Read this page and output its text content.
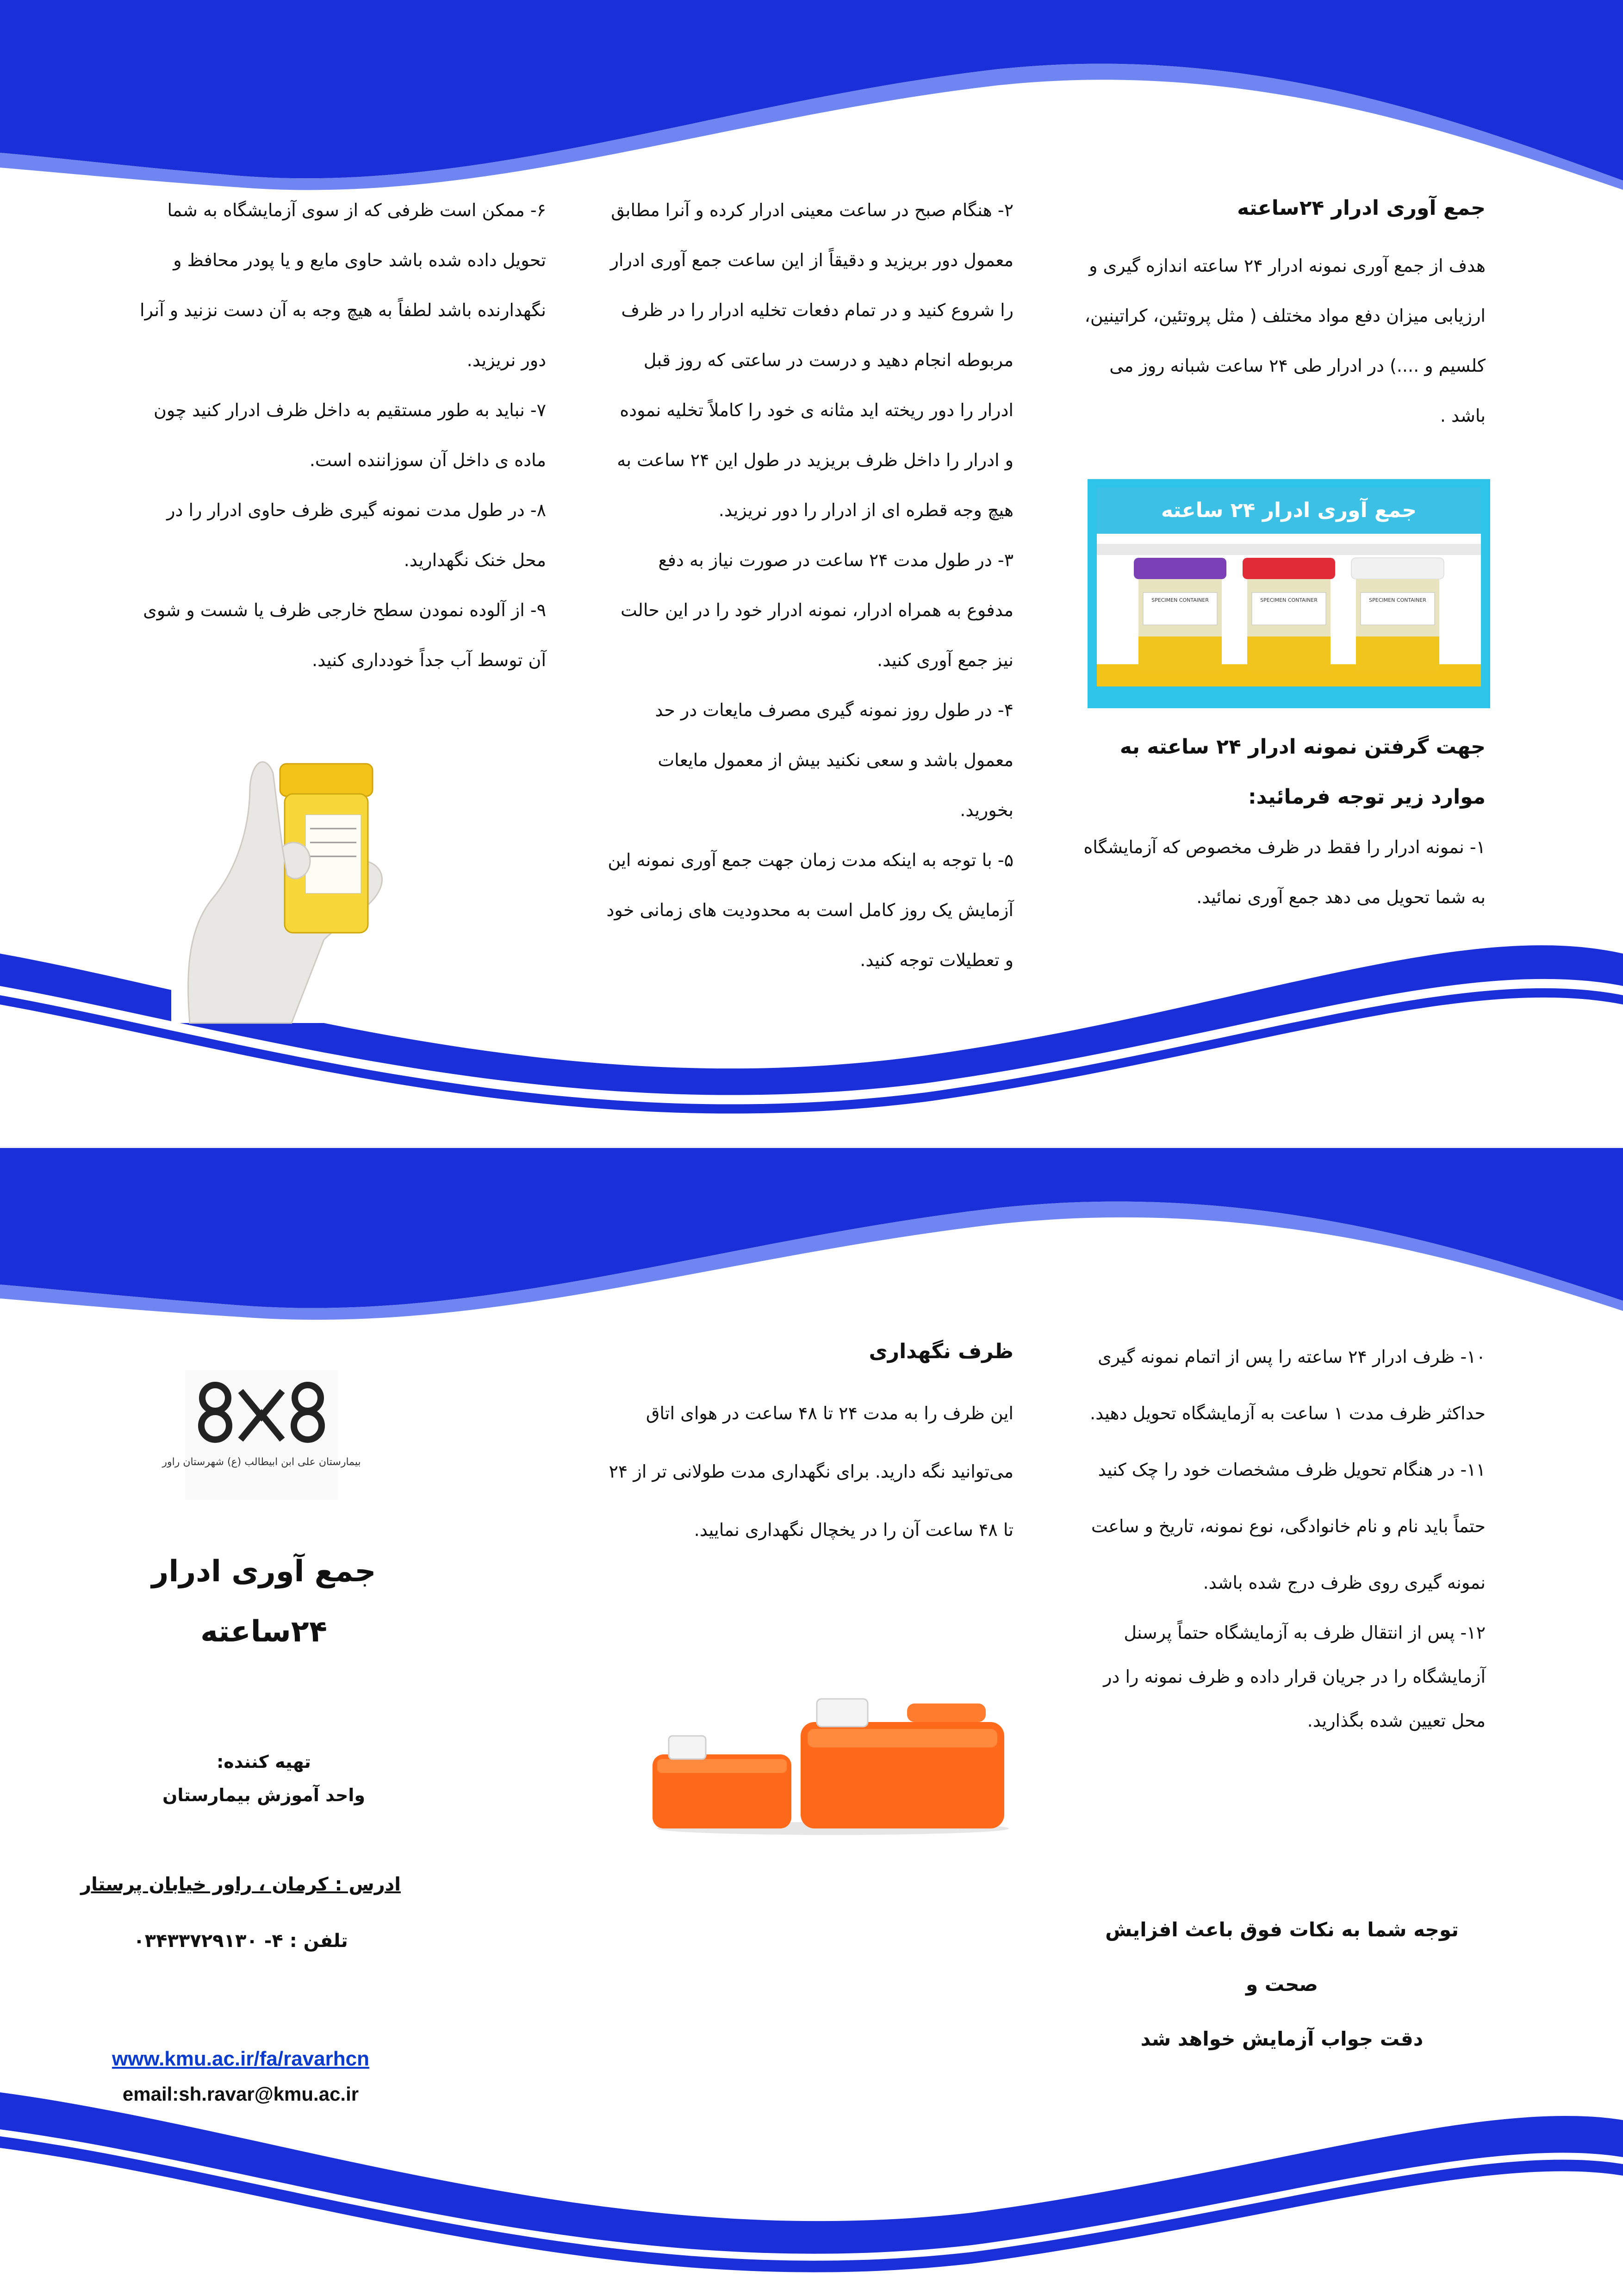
جمع آوری ادرار ۲۴ساعته

هدف از جمع آوری نمونه ادرار ۲۴ ساعته اندازه گیری و ارزیابی میزان دفع مواد مختلف ( مثل پروتئین، کراتینین، کلسیم و ....) در ادرار طی ۲۴ ساعت شبانه روز می باشد .

جمع آوری ادرار ۲۴ ساعته
SPECIMEN CONTAINER	SPECIMEN CONTAINER	SPECIMEN CONTAINER

جهت گرفتن نمونه ادرار ۲۴ ساعته به موارد زیر توجه فرمائید:

۱- نمونه ادرار را فقط در ظرف مخصوص که آزمایشگاه به شما تحویل می دهد جمع آوری نمائید.

۲- هنگام صبح در ساعت معینی ادرار کرده و آنرا مطابق معمول دور بریزید و دقیقاً از این ساعت جمع آوری ادرار را شروع کنید و در تمام دفعات تخلیه ادرار را در ظرف مربوطه انجام دهید و درست در ساعتی که روز قبل ادرار را دور ریخته اید مثانه ی خود را کاملاً تخلیه نموده و ادرار را داخل ظرف بریزید در طول این ۲۴ ساعت به هیچ وجه قطره ای از ادرار را دور نریزید.

۳- در طول مدت ۲۴ ساعت در صورت نیاز به دفع مدفوع به همراه ادرار، نمونه ادرار خود را در این حالت نیز جمع آوری کنید.

۴- در طول روز نمونه گیری مصرف مایعات در حد معمول باشد و سعی نکنید بیش از معمول مایعات بخورید.

۵- با توجه به اینکه مدت زمان جهت جمع آوری نمونه این آزمایش یک روز کامل است به محدودیت های زمانی خود و تعطیلات توجه کنید.

۶- ممکن است ظرفی که از سوی آزمایشگاه به شما تحویل داده شده باشد حاوی مایع و یا پودر محافظ و نگهدارنده باشد لطفاً به هیچ وجه به آن دست نزنید و آنرا دور نریزید.

۷- نباید به طور مستقیم به داخل ظرف ادرار کنید چون ماده ی داخل آن سوزاننده است.

۸- در طول مدت نمونه گیری ظرف حاوی ادرار را در محل خنک نگهدارید.

۹- از آلوده نمودن سطح خارجی ظرف یا شست و شوی آن توسط آب جداً خودداری کنید.

۱۰- ظرف ادرار ۲۴ ساعته را پس از اتمام نمونه گیری حداکثر ظرف مدت ۱ ساعت به آزمایشگاه تحویل دهید.

۱۱- در هنگام تحویل ظرف مشخصات خود را چک کنید حتماً باید نام و نام خانوادگی، نوع نمونه، تاریخ و ساعت نمونه گیری روی ظرف درج شده باشد.

۱۲- پس از انتقال ظرف به آزمایشگاه حتماً پرسنل آزمایشگاه را در جریان قرار داده و ظرف نمونه را در محل تعیین شده بگذارید.

توجه شما به نکات فوق باعث افزایش صحت و

دقت جواب آزمایش خواهد شد

ظرف نگهداری

این ظرف را به مدت ۲۴ تا ۴۸ ساعت در هوای اتاق می‌توانید نگه دارید. برای نگهداری مدت طولانی تر از ۲۴ تا ۴۸ ساعت آن را در یخچال نگهداری نمایید.

بیمارستان علی ابن ابیطالب (ع) شهرستان راور

جمع آوری ادرار

۲۴ساعته

تهیه کننده:

واحد آموزش بیمارستان

ادرس : کرمان ، راور خیابان پرستار

تلفن : ۴- ۰۳۴۳۳۷۲۹۱۳۰

www.kmu.ac.ir/fa/ravarhcn

email:sh.ravar@kmu.ac.ir
